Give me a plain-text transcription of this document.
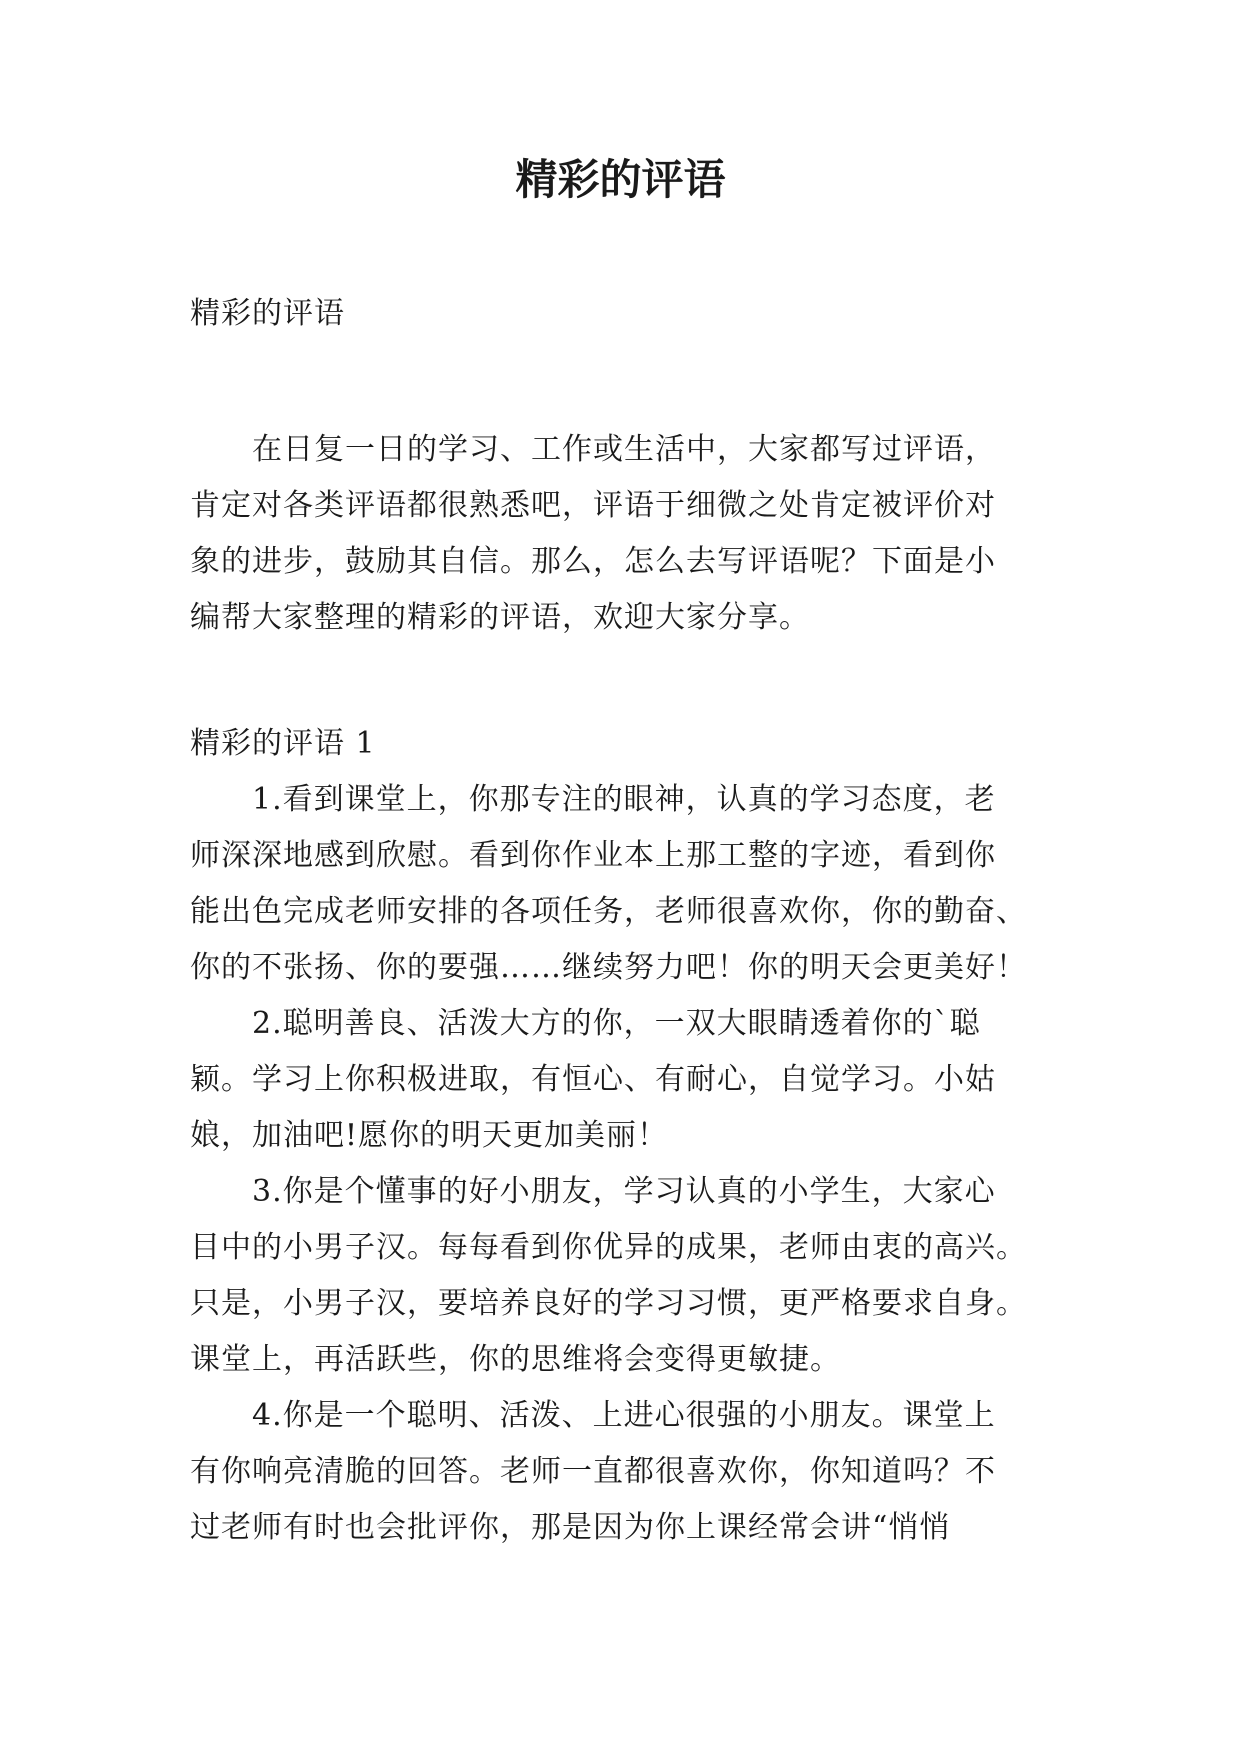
精彩的评语

精彩的评语

　　在日复一日的学习、工作或生活中，大家都写过评语，

肯定对各类评语都很熟悉吧，评语于细微之处肯定被评价对

象的进步，鼓励其自信。那么，怎么去写评语呢？下面是小

编帮大家整理的精彩的评语，欢迎大家分享。

精彩的评语 1

　　1.看到课堂上，你那专注的眼神，认真的学习态度，老

师深深地感到欣慰。看到你作业本上那工整的字迹，看到你

能出色完成老师安排的各项任务，老师很喜欢你，你的勤奋、

你的不张扬、你的要强……继续努力吧！你的明天会更美好！

　　2.聪明善良、活泼大方的你，一双大眼睛透着你的`聪

颖。学习上你积极进取，有恒心、有耐心，自觉学习。小姑

娘，加油吧!愿你的明天更加美丽！

　　3.你是个懂事的好小朋友，学习认真的小学生，大家心

目中的小男子汉。每每看到你优异的成果，老师由衷的高兴。

只是，小男子汉，要培养良好的学习习惯，更严格要求自身。

课堂上，再活跃些，你的思维将会变得更敏捷。

　　4.你是一个聪明、活泼、上进心很强的小朋友。课堂上

有你响亮清脆的回答。老师一直都很喜欢你，你知道吗？不

过老师有时也会批评你，那是因为你上课经常会讲“悄悄
